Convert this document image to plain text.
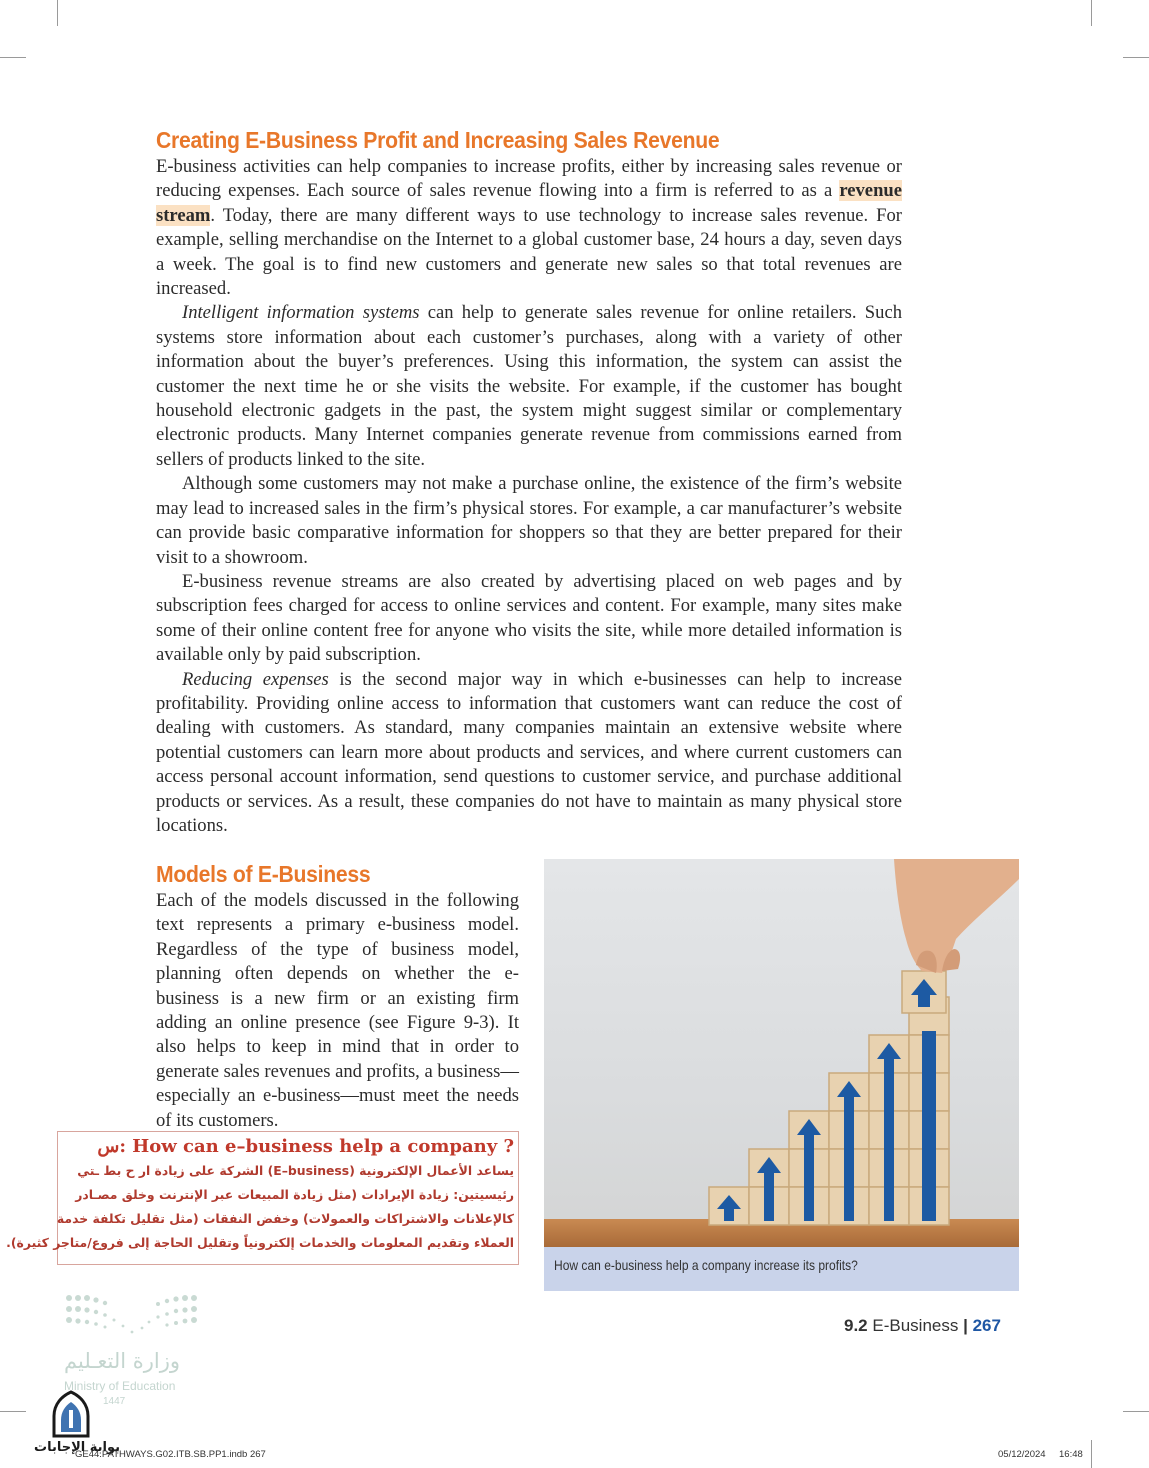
Creating E-Business Profit and Increasing Sales Revenue

E-business activities can help companies to increase profits, either by increasing sales revenue or reducing expenses. Each source of sales revenue flowing into a firm is referred to as a revenue stream. Today, there are many different ways to use technology to increase sales revenue. For example, selling merchandise on the Internet to a global customer base, 24 hours a day, seven days a week. The goal is to find new customers and generate new sales so that total revenues are increased.

Intelligent information systems can help to generate sales revenue for online retailers. Such systems store information about each customer’s purchases, along with a variety of other information about the buyer’s preferences. Using this information, the system can assist the customer the next time he or she visits the website. For example, if the customer has bought household electronic gadgets in the past, the system might suggest similar or complementary electronic products. Many Internet companies generate revenue from commissions earned from sellers of products linked to the site.

Although some customers may not make a purchase online, the existence of the firm’s website may lead to increased sales in the firm’s physical stores. For example, a car manufacturer’s website can provide basic comparative information for shoppers so that they are better prepared for their visit to a showroom.

E-business revenue streams are also created by advertising placed on web pages and by subscription fees charged for access to online services and content. For example, many sites make some of their online content free for anyone who visits the site, while more detailed information is available only by paid subscription.

Reducing expenses is the second major way in which e-businesses can help to increase profitability. Providing online access to information that customers want can reduce the cost of dealing with customers. As standard, many companies maintain an extensive website where potential customers can learn more about products and services, and where current customers can access personal account information, send questions to customer service, and purchase additional products or services. As a result, these companies do not have to maintain as many physical store locations.

Models of E-Business

Each of the models discussed in the following text represents a primary e-business model. Regardless of the type of business model, planning often depends on whether the e-business is a new firm or an existing firm adding an online presence (see Figure 9-3). It also helps to keep in mind that in order to generate sales revenues and profits, a business—especially an e-business—must meet the needs of its customers.

How can e-business help a company increase its profits?
س: How can e–business help a company ?
يساعد الأعمال الإلكترونية (E–business) الشركة على زيادة ار ح بط ـتي
رئيسيتين: زيادة الإيرادات (مثل زيادة المبيعات عبر الإنترنت وخلق مصـادر
كالإعلانات والاشتراكات والعمولات) وخفض النفقات (مثل تقليل تكلفة خدمة
العملاء وتقديم المعلومات والخدمات إلكترونياً وتقليل الحاجة إلى فروع/متاجر كثيرة).
9.2 E-Business | 267
وزارة التعـليم
Ministry of Education
1447
بوابة الإجابات
GE44.PATHWAYS.G02.ITB.SB.PP1.indb 267	05/12/2024 16:48
